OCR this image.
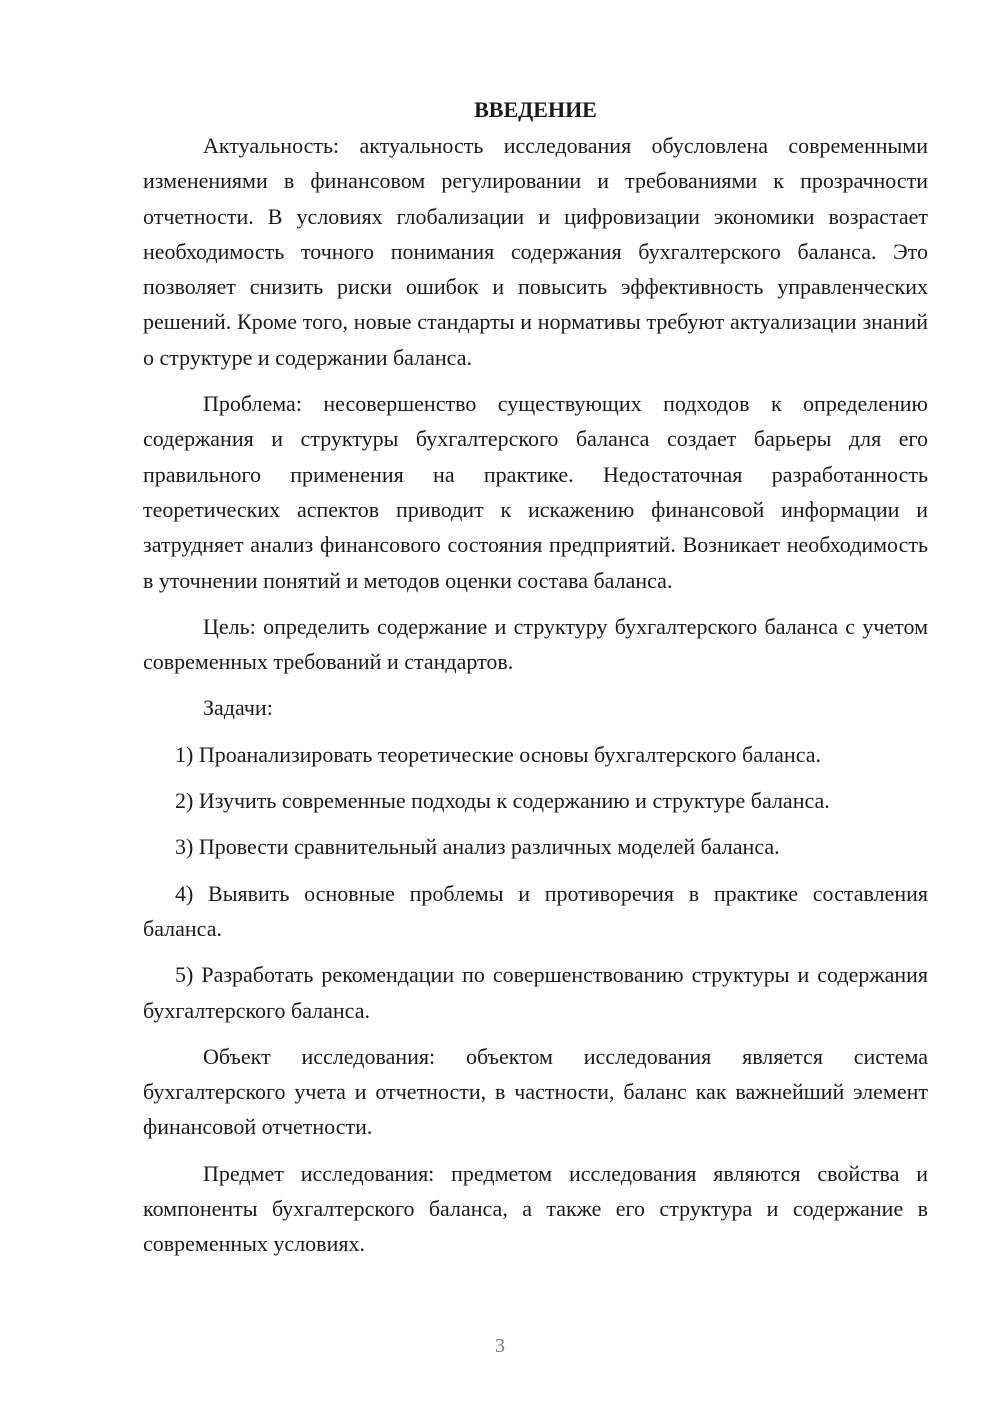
ВВЕДЕНИЕ

Актуальность: актуальность исследования обусловлена современными изменениями в финансовом регулировании и требованиями к прозрачности отчетности. В условиях глобализации и цифровизации экономики возрастает необходимость точного понимания содержания бухгалтерского баланса. Это позволяет снизить риски ошибок и повысить эффективность управленческих решений. Кроме того, новые стандарты и нормативы требуют актуализации знаний о структуре и содержании баланса.

Проблема: несовершенство существующих подходов к определению содержания и структуры бухгалтерского баланса создает барьеры для его правильного применения на практике. Недостаточная разработанность теоретических аспектов приводит к искажению финансовой информации и затрудняет анализ финансового состояния предприятий. Возникает необходимость в уточнении понятий и методов оценки состава баланса.

Цель: определить содержание и структуру бухгалтерского баланса с учетом современных требований и стандартов.

Задачи:

1) Проанализировать теоретические основы бухгалтерского баланса.

2) Изучить современные подходы к содержанию и структуре баланса.

3) Провести сравнительный анализ различных моделей баланса.

4) Выявить основные проблемы и противоречия в практике составления баланса.

5) Разработать рекомендации по совершенствованию структуры и содержания бухгалтерского баланса.

Объект исследования: объектом исследования является система бухгалтерского учета и отчетности, в частности, баланс как важнейший элемент финансовой отчетности.

Предмет исследования: предметом исследования являются свойства и компоненты бухгалтерского баланса, а также его структура и содержание в современных условиях.

3
